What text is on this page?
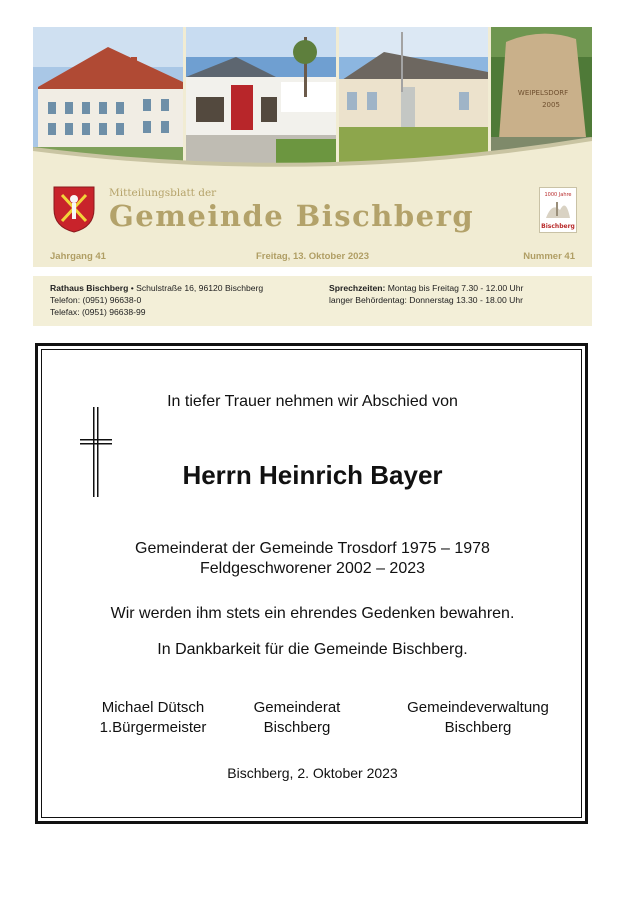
WEIPELSDORF
2005
Mitteilungsblatt der
Gemeinde Bischberg
1000 Jahre
Bischberg
Jahrgang 41	Freitag, 13. Oktober 2023	Nummer 41
Rathaus Bischberg • Schulstraße 16, 96120 Bischberg
Telefon: (0951) 96638-0
Telefax: (0951) 96638-99
Sprechzeiten: Montag bis Freitag 7.30 - 12.00 Uhr
langer Behördentag: Donnerstag 13.30 - 18.00 Uhr
In tiefer Trauer nehmen wir Abschied von
Herrn Heinrich Bayer
Gemeinderat der Gemeinde Trosdorf 1975 – 1978
Feldgeschworener 2002 – 2023
Wir werden ihm stets ein ehrendes Gedenken bewahren.
In Dankbarkeit für die Gemeinde Bischberg.
Michael Dütsch
1.Bürgermeister
Gemeinderat
Bischberg
Gemeindeverwaltung
Bischberg
Bischberg, 2. Oktober 2023
